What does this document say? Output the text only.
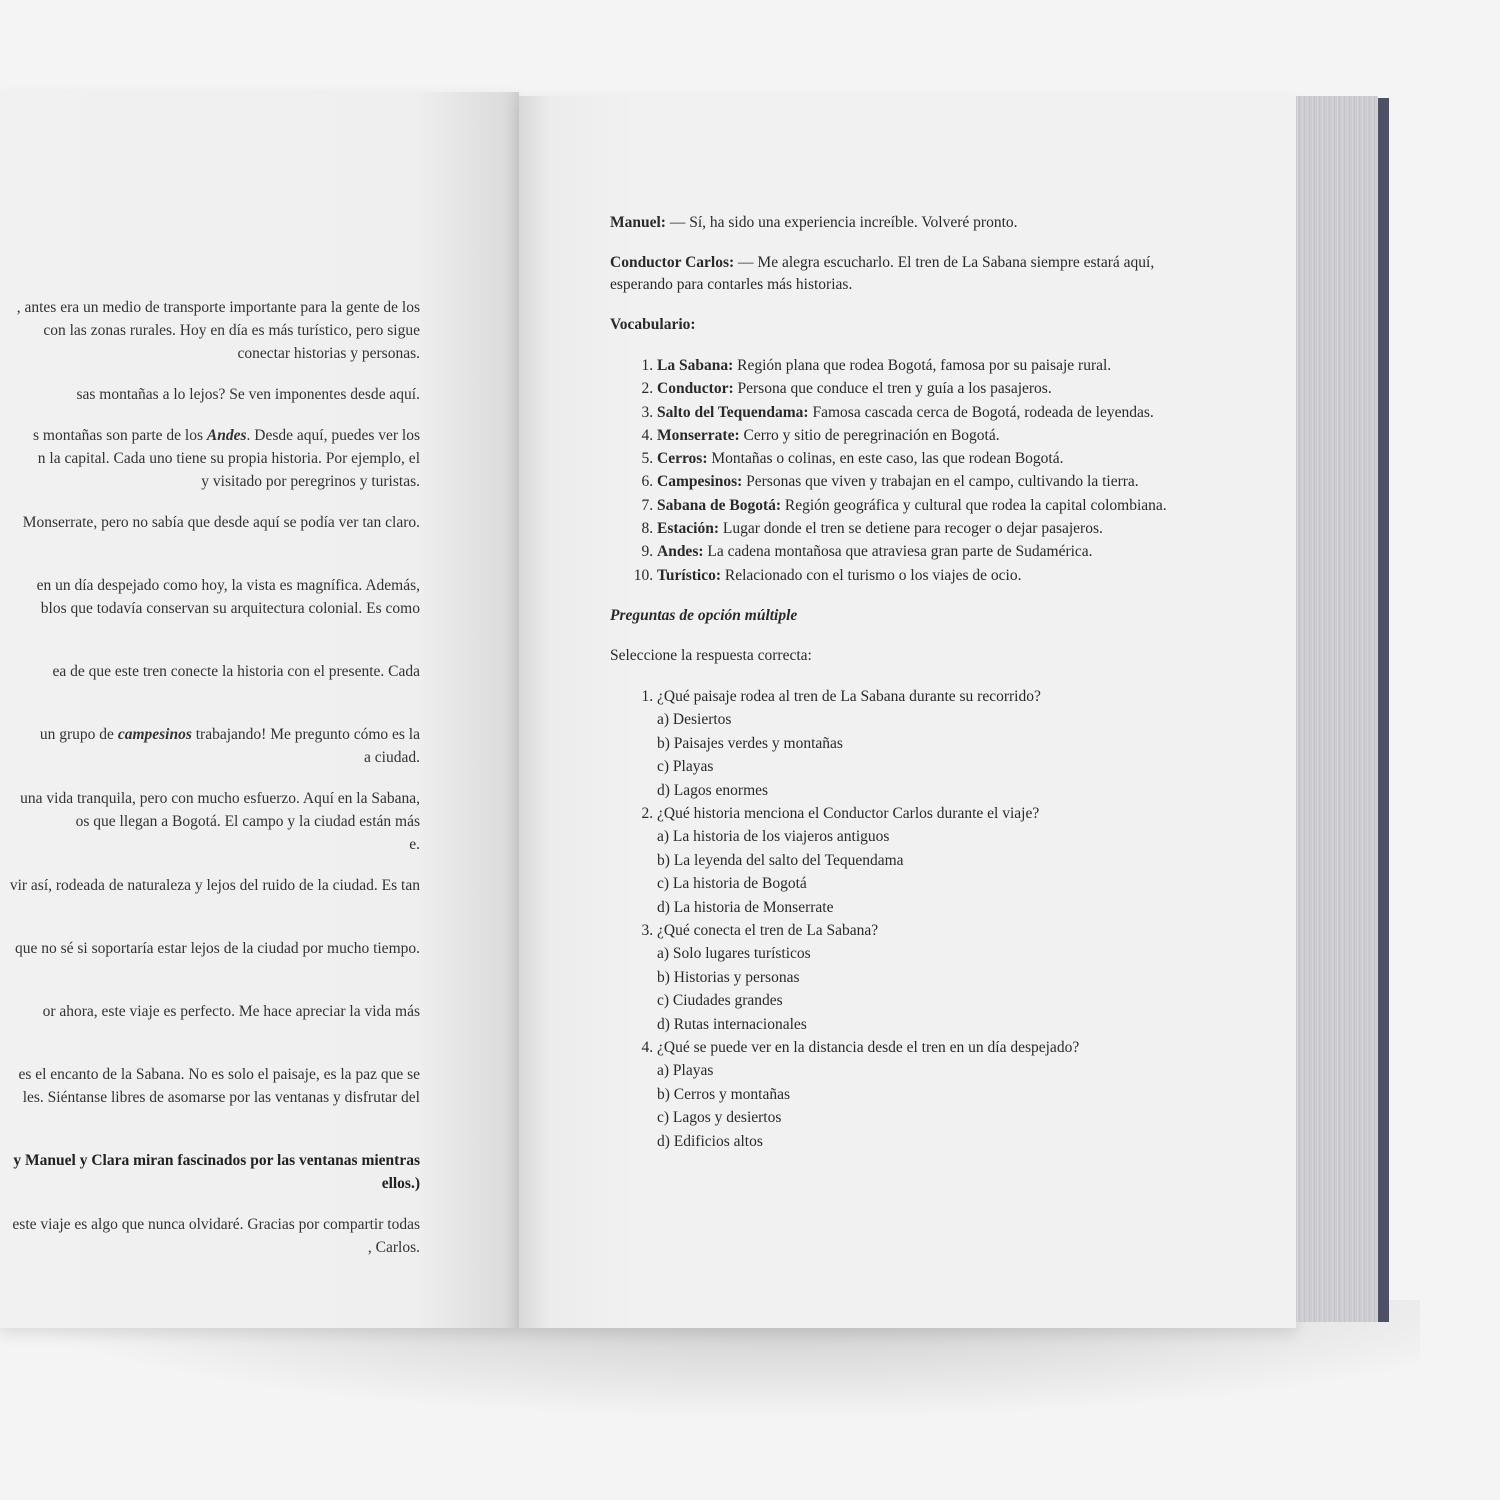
, antes era un medio de transporte importante para la gente de los
con las zonas rurales. Hoy en día es más turístico, pero sigue
conectar historias y personas.
sas montañas a lo lejos? Se ven imponentes desde aquí.
s montañas son parte de los Andes. Desde aquí, puedes ver los
n la capital. Cada uno tiene su propia historia. Por ejemplo, el
y visitado por peregrinos y turistas.
Monserrate, pero no sabía que desde aquí se podía ver tan claro.
en un día despejado como hoy, la vista es magnífica. Además,
blos que todavía conservan su arquitectura colonial. Es como
ea de que este tren conecte la historia con el presente. Cada
un grupo de campesinos trabajando! Me pregunto cómo es la
a ciudad.
una vida tranquila, pero con mucho esfuerzo. Aquí en la Sabana,
os que llegan a Bogotá. El campo y la ciudad están más
e.
vir así, rodeada de naturaleza y lejos del ruido de la ciudad. Es tan
que no sé si soportaría estar lejos de la ciudad por mucho tiempo.
or ahora, este viaje es perfecto. Me hace apreciar la vida más
es el encanto de la Sabana. No es solo el paisaje, es la paz que se
les. Siéntanse libres de asomarse por las ventanas y disfrutar del
y Manuel y Clara miran fascinados por las ventanas mientras
ellos.)
este viaje es algo que nunca olvidaré. Gracias por compartir todas
, Carlos.

Manuel: — Sí, ha sido una experiencia increíble. Volveré pronto.

Conductor Carlos: — Me alegra escucharlo. El tren de La Sabana siempre estará aquí, esperando para contarles más historias.

Vocabulario:
1. La Sabana: Región plana que rodea Bogotá, famosa por su paisaje rural.
2. Conductor: Persona que conduce el tren y guía a los pasajeros.
3. Salto del Tequendama: Famosa cascada cerca de Bogotá, rodeada de leyendas.
4. Monserrate: Cerro y sitio de peregrinación en Bogotá.
5. Cerros: Montañas o colinas, en este caso, las que rodean Bogotá.
6. Campesinos: Personas que viven y trabajan en el campo, cultivando la tierra.
7. Sabana de Bogotá: Región geográfica y cultural que rodea la capital colombiana.
8. Estación: Lugar donde el tren se detiene para recoger o dejar pasajeros.
9. Andes: La cadena montañosa que atraviesa gran parte de Sudamérica.
10. Turístico: Relacionado con el turismo o los viajes de ocio.
Preguntas de opción múltiple
Seleccione la respuesta correcta:
1. ¿Qué paisaje rodea al tren de La Sabana durante su recorrido?
a) Desiertos
b) Paisajes verdes y montañas
c) Playas
d) Lagos enormes
2. ¿Qué historia menciona el Conductor Carlos durante el viaje?
a) La historia de los viajeros antiguos
b) La leyenda del salto del Tequendama
c) La historia de Bogotá
d) La historia de Monserrate
3. ¿Qué conecta el tren de La Sabana?
a) Solo lugares turísticos
b) Historias y personas
c) Ciudades grandes
d) Rutas internacionales
4. ¿Qué se puede ver en la distancia desde el tren en un día despejado?
a) Playas
b) Cerros y montañas
c) Lagos y desiertos
d) Edificios altos
